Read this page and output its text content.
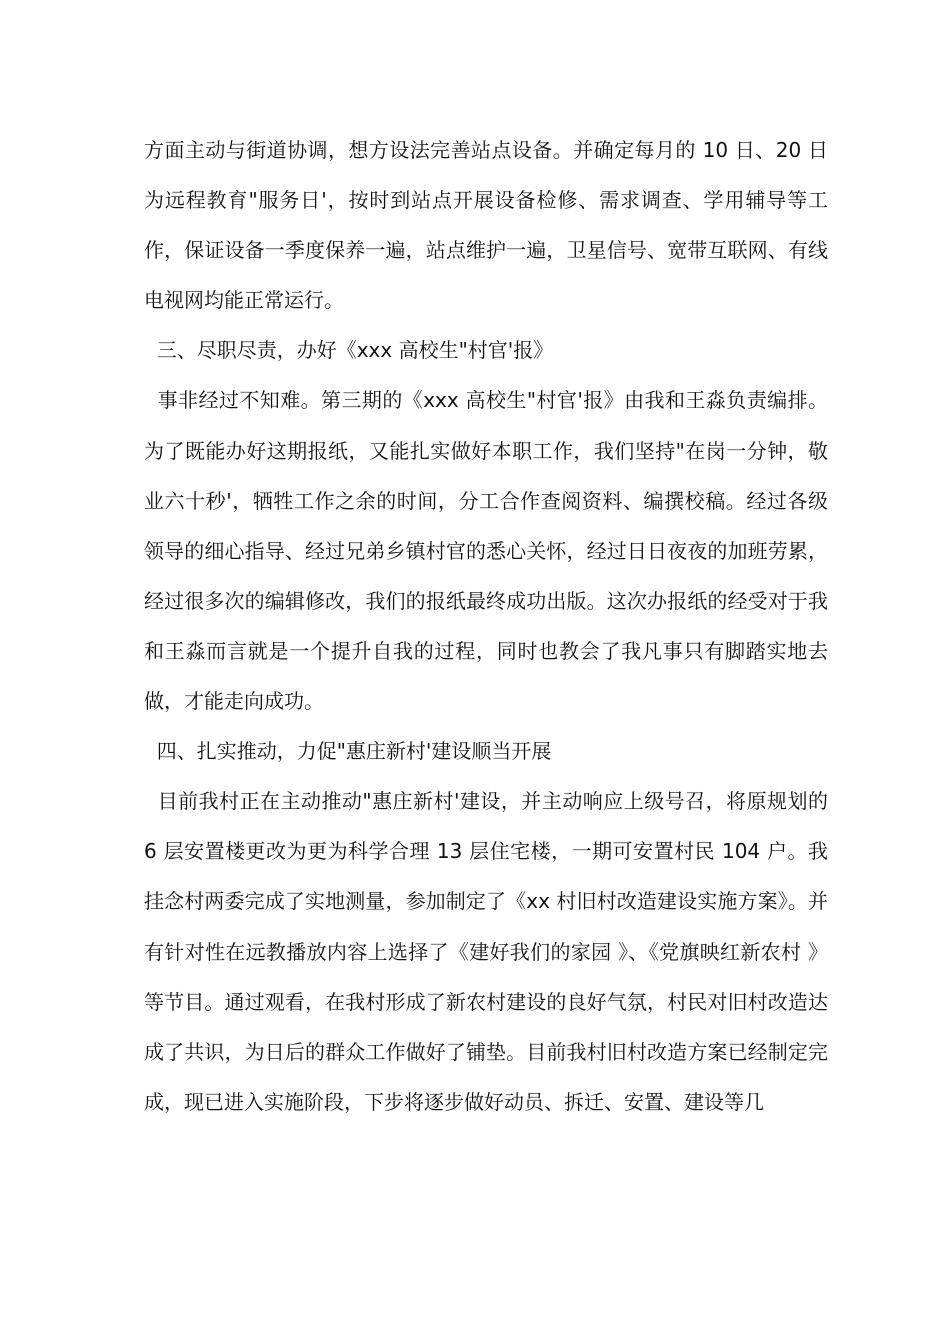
方面主动与街道协调，想方设法完善站点设备。并确定每月的 10 日、20 日为远程教育"服务日'，按时到站点开展设备检修、需求调查、学用辅导等工作，保证设备一季度保养一遍，站点维护一遍，卫星信号、宽带互联网、有线电视网均能正常运行。

三、尽职尽责，办好《xxx 高校生"村官'报》

事非经过不知难。第三期的《xxx 高校生"村官'报》由我和王淼负责编排。为了既能办好这期报纸，又能扎实做好本职工作，我们坚持"在岗一分钟，敬业六十秒'，牺牲工作之余的时间，分工合作查阅资料、编撰校稿。经过各级领导的细心指导、经过兄弟乡镇村官的悉心关怀，经过日日夜夜的加班劳累，经过很多次的编辑修改，我们的报纸最终成功出版。这次办报纸的经受对于我和王淼而言就是一个提升自我的过程，同时也教会了我凡事只有脚踏实地去做，才能走向成功。

四、扎实推动，力促"惠庄新村'建设顺当开展

目前我村正在主动推动"惠庄新村'建设，并主动响应上级号召，将原规划的 6 层安置楼更改为更为科学合理 13 层住宅楼，一期可安置村民 104 户。我挂念村两委完成了实地测量，参加制定了《xx 村旧村改造建设实施方案》。并有针对性在远教播放内容上选择了《建好我们的家园 》、《党旗映红新农村 》等节目。通过观看，在我村形成了新农村建设的良好气氛，村民对旧村改造达成了共识，为日后的群众工作做好了铺垫。目前我村旧村改造方案已经制定完成，现已进入实施阶段，下步将逐步做好动员、拆迁、安置、建设等几
